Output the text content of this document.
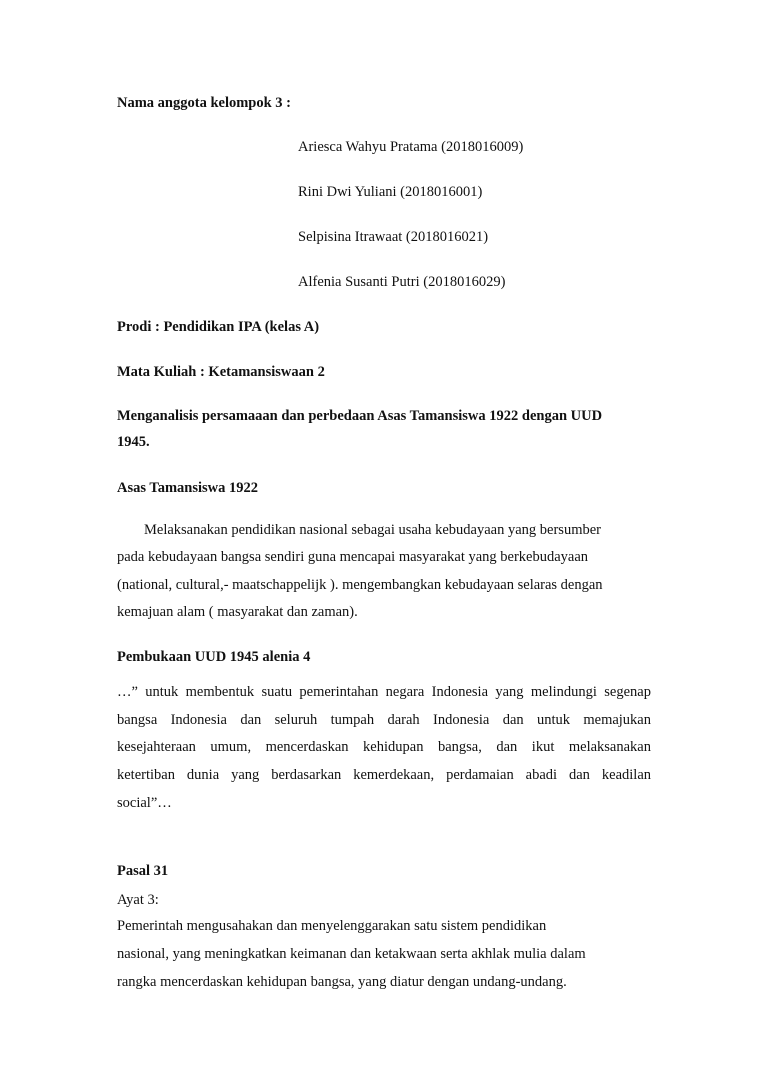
Nama anggota kelompok 3 :
Ariesca Wahyu Pratama (2018016009)
Rini Dwi Yuliani (2018016001)
Selpisina Itrawaat (2018016021)
Alfenia Susanti Putri (2018016029)
Prodi : Pendidikan IPA (kelas A)
Mata Kuliah : Ketamansiswaan 2
Menganalisis persamaaan dan perbedaan Asas Tamansiswa 1922 dengan UUD
1945.
Asas Tamansiswa 1922
Melaksanakan pendidikan nasional sebagai usaha kebudayaan yang bersumber
pada kebudayaan bangsa sendiri guna mencapai masyarakat yang berkebudayaan
(national, cultural,- maatschappelijk ). mengembangkan kebudayaan selaras dengan
kemajuan alam ( masyarakat dan zaman).
Pembukaan UUD 1945 alenia 4
…” untuk membentuk suatu pemerintahan negara Indonesia yang melindungi segenap
bangsa Indonesia dan seluruh tumpah darah Indonesia dan untuk memajukan
kesejahteraan umum, mencerdaskan kehidupan bangsa, dan ikut melaksanakan
ketertiban dunia yang berdasarkan kemerdekaan, perdamaian abadi dan keadilan
social”…
Pasal 31
Ayat 3:
Pemerintah mengusahakan dan menyelenggarakan satu sistem pendidikan
nasional, yang meningkatkan keimanan dan ketakwaan serta akhlak mulia dalam
rangka mencerdaskan kehidupan bangsa, yang diatur dengan undang-undang.
